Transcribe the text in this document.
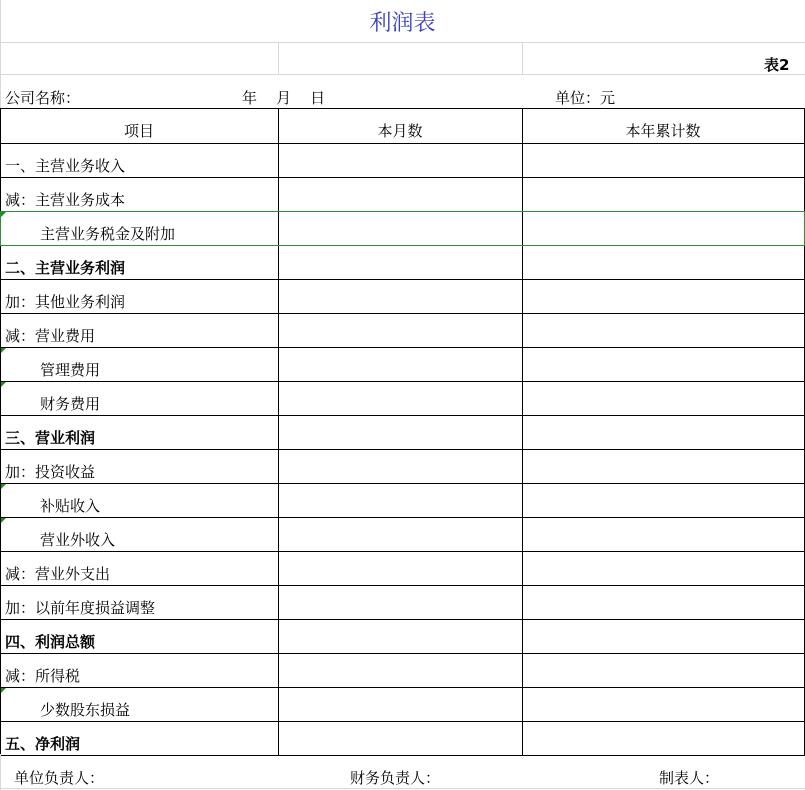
利润表
表2
公司名称：	年    月    日	单位：元
项目	本月数	本年累计数
一、主营业务收入
减：主营业务成本
主营业务税金及附加
二、主营业务利润
加：其他业务利润
减：营业费用
管理费用
财务费用
三、营业利润
加：投资收益
补贴收入
营业外收入
减：营业外支出
加：以前年度损益调整
四、利润总额
减：所得税
少数股东损益
五、净利润
单位负责人：	财务负责人：	制表人：
